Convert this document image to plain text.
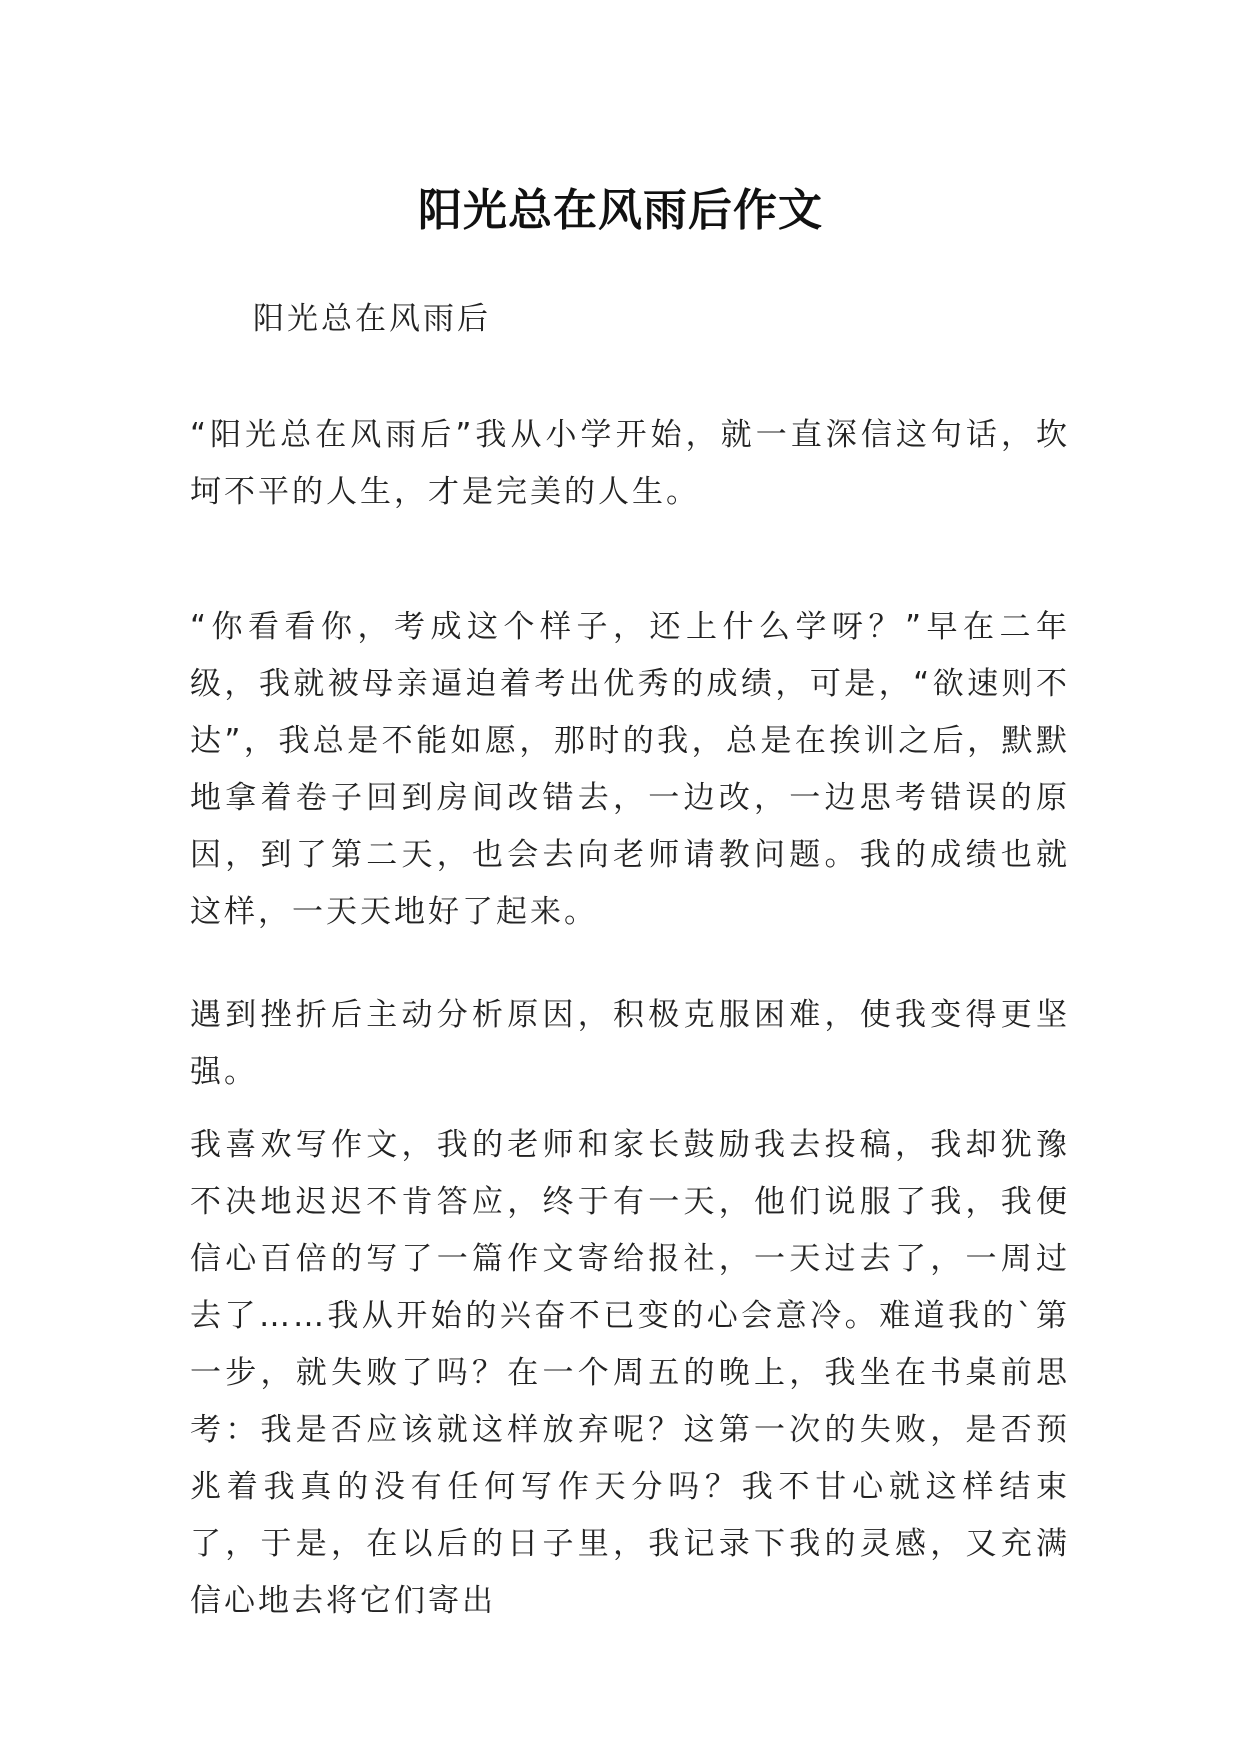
阳光总在风雨后作文

阳光总在风雨后

“阳光总在风雨后”我从小学开始，就一直深信这句话，坎坷不平的人生，才是完美的人生。

“你看看你，考成这个样子，还上什么学呀？”早在二年级，我就被母亲逼迫着考出优秀的成绩，可是，“欲速则不达”，我总是不能如愿，那时的我，总是在挨训之后，默默地拿着卷子回到房间改错去，一边改，一边思考错误的原因，到了第二天，也会去向老师请教问题。我的成绩也就这样，一天天地好了起来。

遇到挫折后主动分析原因，积极克服困难，使我变得更坚强。

我喜欢写作文，我的老师和家长鼓励我去投稿，我却犹豫不决地迟迟不肯答应，终于有一天，他们说服了我，我便信心百倍的写了一篇作文寄给报社，一天过去了，一周过去了……我从开始的兴奋不已变的心会意冷。难道我的`第一步，就失败了吗？在一个周五的晚上，我坐在书桌前思考：我是否应该就这样放弃呢？这第一次的失败，是否预兆着我真的没有任何写作天分吗？我不甘心就这样结束了，于是，在以后的日子里，我记录下我的灵感，又充满信心地去将它们寄出
